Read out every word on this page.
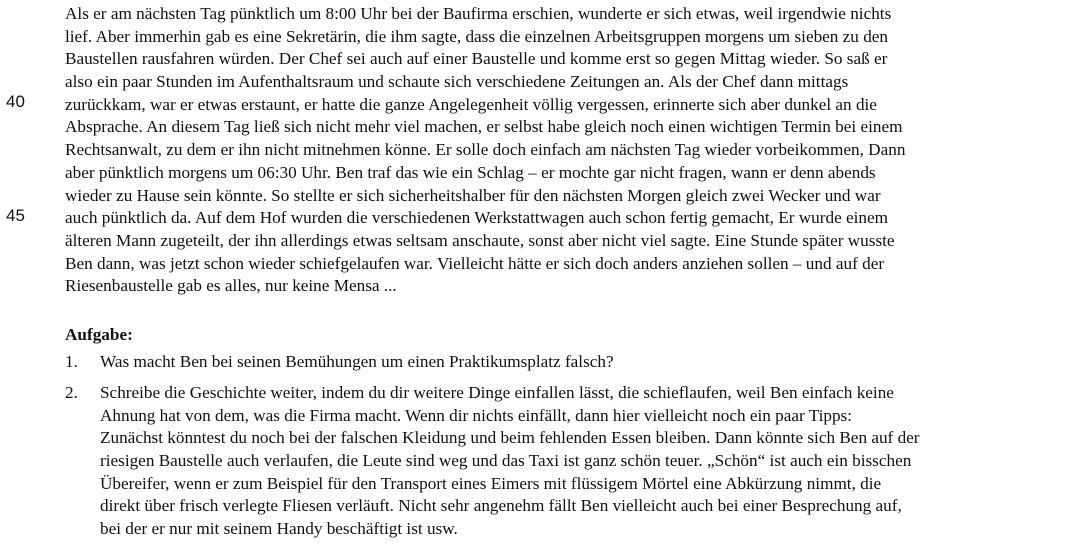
40
45
Als er am nächsten Tag pünktlich um 8:00 Uhr bei der Baufirma erschien, wunderte er sich etwas, weil irgendwie nichts
lief. Aber immerhin gab es eine Sekretärin, die ihm sagte, dass die einzelnen Arbeitsgruppen morgens um sieben zu den
Baustellen rausfahren würden. Der Chef sei auch auf einer Baustelle und komme erst so gegen Mittag wieder. So saß er
also ein paar Stunden im Aufenthaltsraum und schaute sich verschiedene Zeitungen an. Als der Chef dann mittags
zurückkam, war er etwas erstaunt, er hatte die ganze Angelegenheit völlig vergessen, erinnerte sich aber dunkel an die
Absprache. An diesem Tag ließ sich nicht mehr viel machen, er selbst habe gleich noch einen wichtigen Termin bei einem
Rechtsanwalt, zu dem er ihn nicht mitnehmen könne. Er solle doch einfach am nächsten Tag wieder vorbeikommen, Dann
aber pünktlich morgens um 06:30 Uhr. Ben traf das wie ein Schlag – er mochte gar nicht fragen, wann er denn abends
wieder zu Hause sein könnte. So stellte er sich sicherheitshalber für den nächsten Morgen gleich zwei Wecker und war
auch pünktlich da. Auf dem Hof wurden die verschiedenen Werkstattwagen auch schon fertig gemacht, Er wurde einem
älteren Mann zugeteilt, der ihn allerdings etwas seltsam anschaute, sonst aber nicht viel sagte. Eine Stunde später wusste
Ben dann, was jetzt schon wieder schiefgelaufen war. Vielleicht hätte er sich doch anders anziehen sollen – und auf der
Riesenbaustelle gab es alles, nur keine Mensa ...
Aufgabe:
1. Was macht Ben bei seinen Bemühungen um einen Praktikumsplatz falsch?
2. Schreibe die Geschichte weiter, indem du dir weitere Dinge einfallen lässt, die schieflaufen, weil Ben einfach keine
Ahnung hat von dem, was die Firma macht. Wenn dir nichts einfällt, dann hier vielleicht noch ein paar Tipps:
Zunächst könntest du noch bei der falschen Kleidung und beim fehlenden Essen bleiben. Dann könnte sich Ben auf der
riesigen Baustelle auch verlaufen, die Leute sind weg und das Taxi ist ganz schön teuer. „Schön“ ist auch ein bisschen
Übereifer, wenn er zum Beispiel für den Transport eines Eimers mit flüssigem Mörtel eine Abkürzung nimmt, die
direkt über frisch verlegte Fliesen verläuft. Nicht sehr angenehm fällt Ben vielleicht auch bei einer Besprechung auf,
bei der er nur mit seinem Handy beschäftigt ist usw.
